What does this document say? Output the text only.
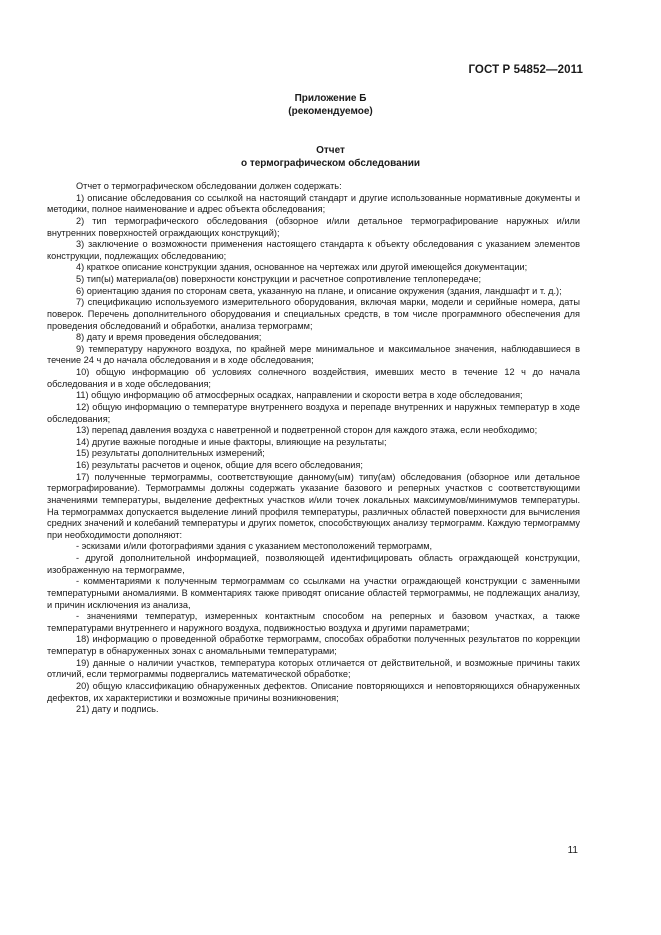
ГОСТ Р 54852—2011
Приложение Б
(рекомендуемое)
Отчет
о термографическом обследовании

Отчет о термографическом обследовании должен содержать:

1) описание обследования со ссылкой на настоящий стандарт и другие использованные нормативные документы и методики, полное наименование и адрес объекта обследования;

2) тип термографического обследования (обзорное и/или детальное термографирование наружных и/или внутренних поверхностей ограждающих конструкций);

3) заключение о возможности применения настоящего стандарта к объекту обследования с указанием элементов конструкции, подлежащих обследованию;

4) краткое описание конструкции здания, основанное на чертежах или другой имеющейся документации;

5) тип(ы) материала(ов) поверхности конструкции и расчетное сопротивление теплопередаче;

6) ориентацию здания по сторонам света, указанную на плане, и описание окружения (здания, ландшафт и т. д.);

7) спецификацию используемого измерительного оборудования, включая марки, модели и серийные номера, даты поверок. Перечень дополнительного оборудования и специальных средств, в том числе программного обеспечения для проведения обследований и обработки, анализа термограмм;

8) дату и время проведения обследования;

9) температуру наружного воздуха, по крайней мере минимальное и максимальное значения, наблюдавшиеся в течение 24 ч до начала обследования и в ходе обследования;

10) общую информацию об условиях солнечного воздействия, имевших место в течение 12 ч до начала обследования и в ходе обследования;

11) общую информацию об атмосферных осадках, направлении и скорости ветра в ходе обследования;

12) общую информацию о температуре внутреннего воздуха и перепаде внутренних и наружных температур в ходе обследования;

13) перепад давления воздуха с наветренной и подветренной сторон для каждого этажа, если необходимо;

14) другие важные погодные и иные факторы, влияющие на результаты;

15) результаты дополнительных измерений;

16) результаты расчетов и оценок, общие для всего обследования;

17) полученные термограммы, соответствующие данному(ым) типу(ам) обследования (обзорное или детальное термографирование). Термограммы должны содержать указание базового и реперных участков с соответствующими значениями температуры, выделение дефектных участков и/или точек локальных максимумов/минимумов температуры. На термограммах допускается выделение линий профиля температуры, различных областей поверхности для вычисления средних значений и колебаний температуры и других пометок, способствующих анализу термограмм. Каждую термограмму при необходимости дополняют:

- эскизами и/или фотографиями здания с указанием местоположений термограмм,

- другой дополнительной информацией, позволяющей идентифицировать область ограждающей конструкции, изображенную на термограмме,

- комментариями к полученным термограммам со ссылками на участки ограждающей конструкции с заменными температурными аномалиями. В комментариях также приводят описание областей термограммы, не подлежащих анализу, и причин исключения из анализа,

- значениями температур, измеренных контактным способом на реперных и базовом участках, а также температурами внутреннего и наружного воздуха, подвижностью воздуха и другими параметрами;

18) информацию о проведенной обработке термограмм, способах обработки полученных результатов по коррекции температур в обнаруженных зонах с аномальными температурами;

19) данные о наличии участков, температура которых отличается от действительной, и возможные причины таких отличий, если термограммы подвергались математической обработке;

20) общую классификацию обнаруженных дефектов. Описание повторяющихся и неповторяющихся обнаруженных дефектов, их характеристики и возможные причины возникновения;

21) дату и подпись.

11
